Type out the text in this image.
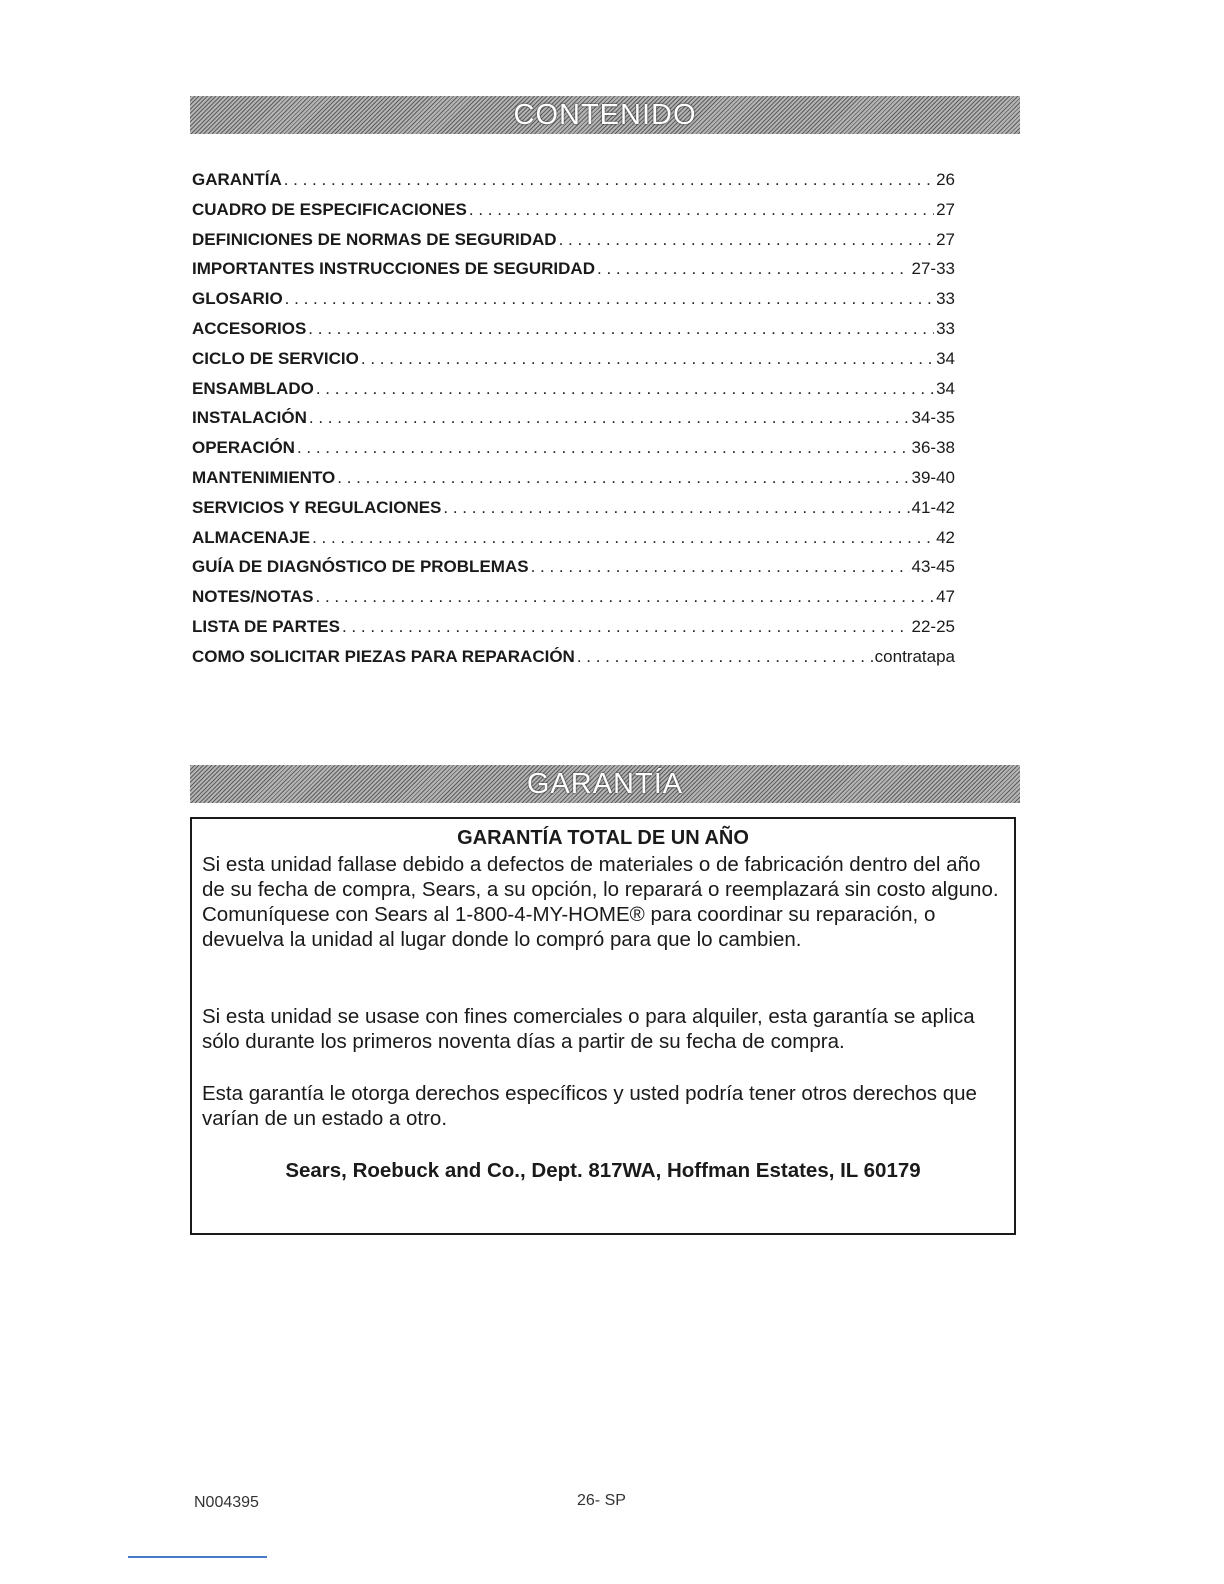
CONTENIDO
GARANTÍA . . .	26
CUADRO DE ESPECIFICACIONES . . .	27
DEFINICIONES DE NORMAS DE SEGURIDAD . . .	27
IMPORTANTES INSTRUCCIONES DE SEGURIDAD . . .	27-33
GLOSARIO . . .	33
ACCESORIOS . . .	33
CICLO DE SERVICIO . . .	34
ENSAMBLADO . . .	34
INSTALACIÓN . . .	34-35
OPERACIÓN . . .	36-38
MANTENIMIENTO . . .	39-40
SERVICIOS Y REGULACIONES . . .	41-42
ALMACENAJE . . .	42
GUÍA DE DIAGNÓSTICO DE PROBLEMAS . . .	43-45
NOTES/NOTAS . . .	47
LISTA DE PARTES . . .	22-25
COMO SOLICITAR PIEZAS PARA REPARACIÓN . . .	contratapa
GARANTÍA
GARANTÍA TOTAL DE UN AÑO

Si esta unidad fallase debido a defectos de materiales o de fabricación dentro del año de su fecha de compra, Sears, a su opción, lo reparará o reemplazará sin costo alguno. Comuníquese con Sears al 1-800-4-MY-HOME® para coordinar su reparación, o devuelva la unidad al lugar donde lo compró para que lo cambien.

Si esta unidad se usase con fines comerciales o para alquiler, esta garantía se aplica sólo durante los primeros noventa días a partir de su fecha de compra.

Esta garantía le otorga derechos específicos y usted podría tener otros derechos que varían de un estado a otro.

Sears, Roebuck and Co., Dept. 817WA, Hoffman Estates, IL 60179
N004395	26- SP
